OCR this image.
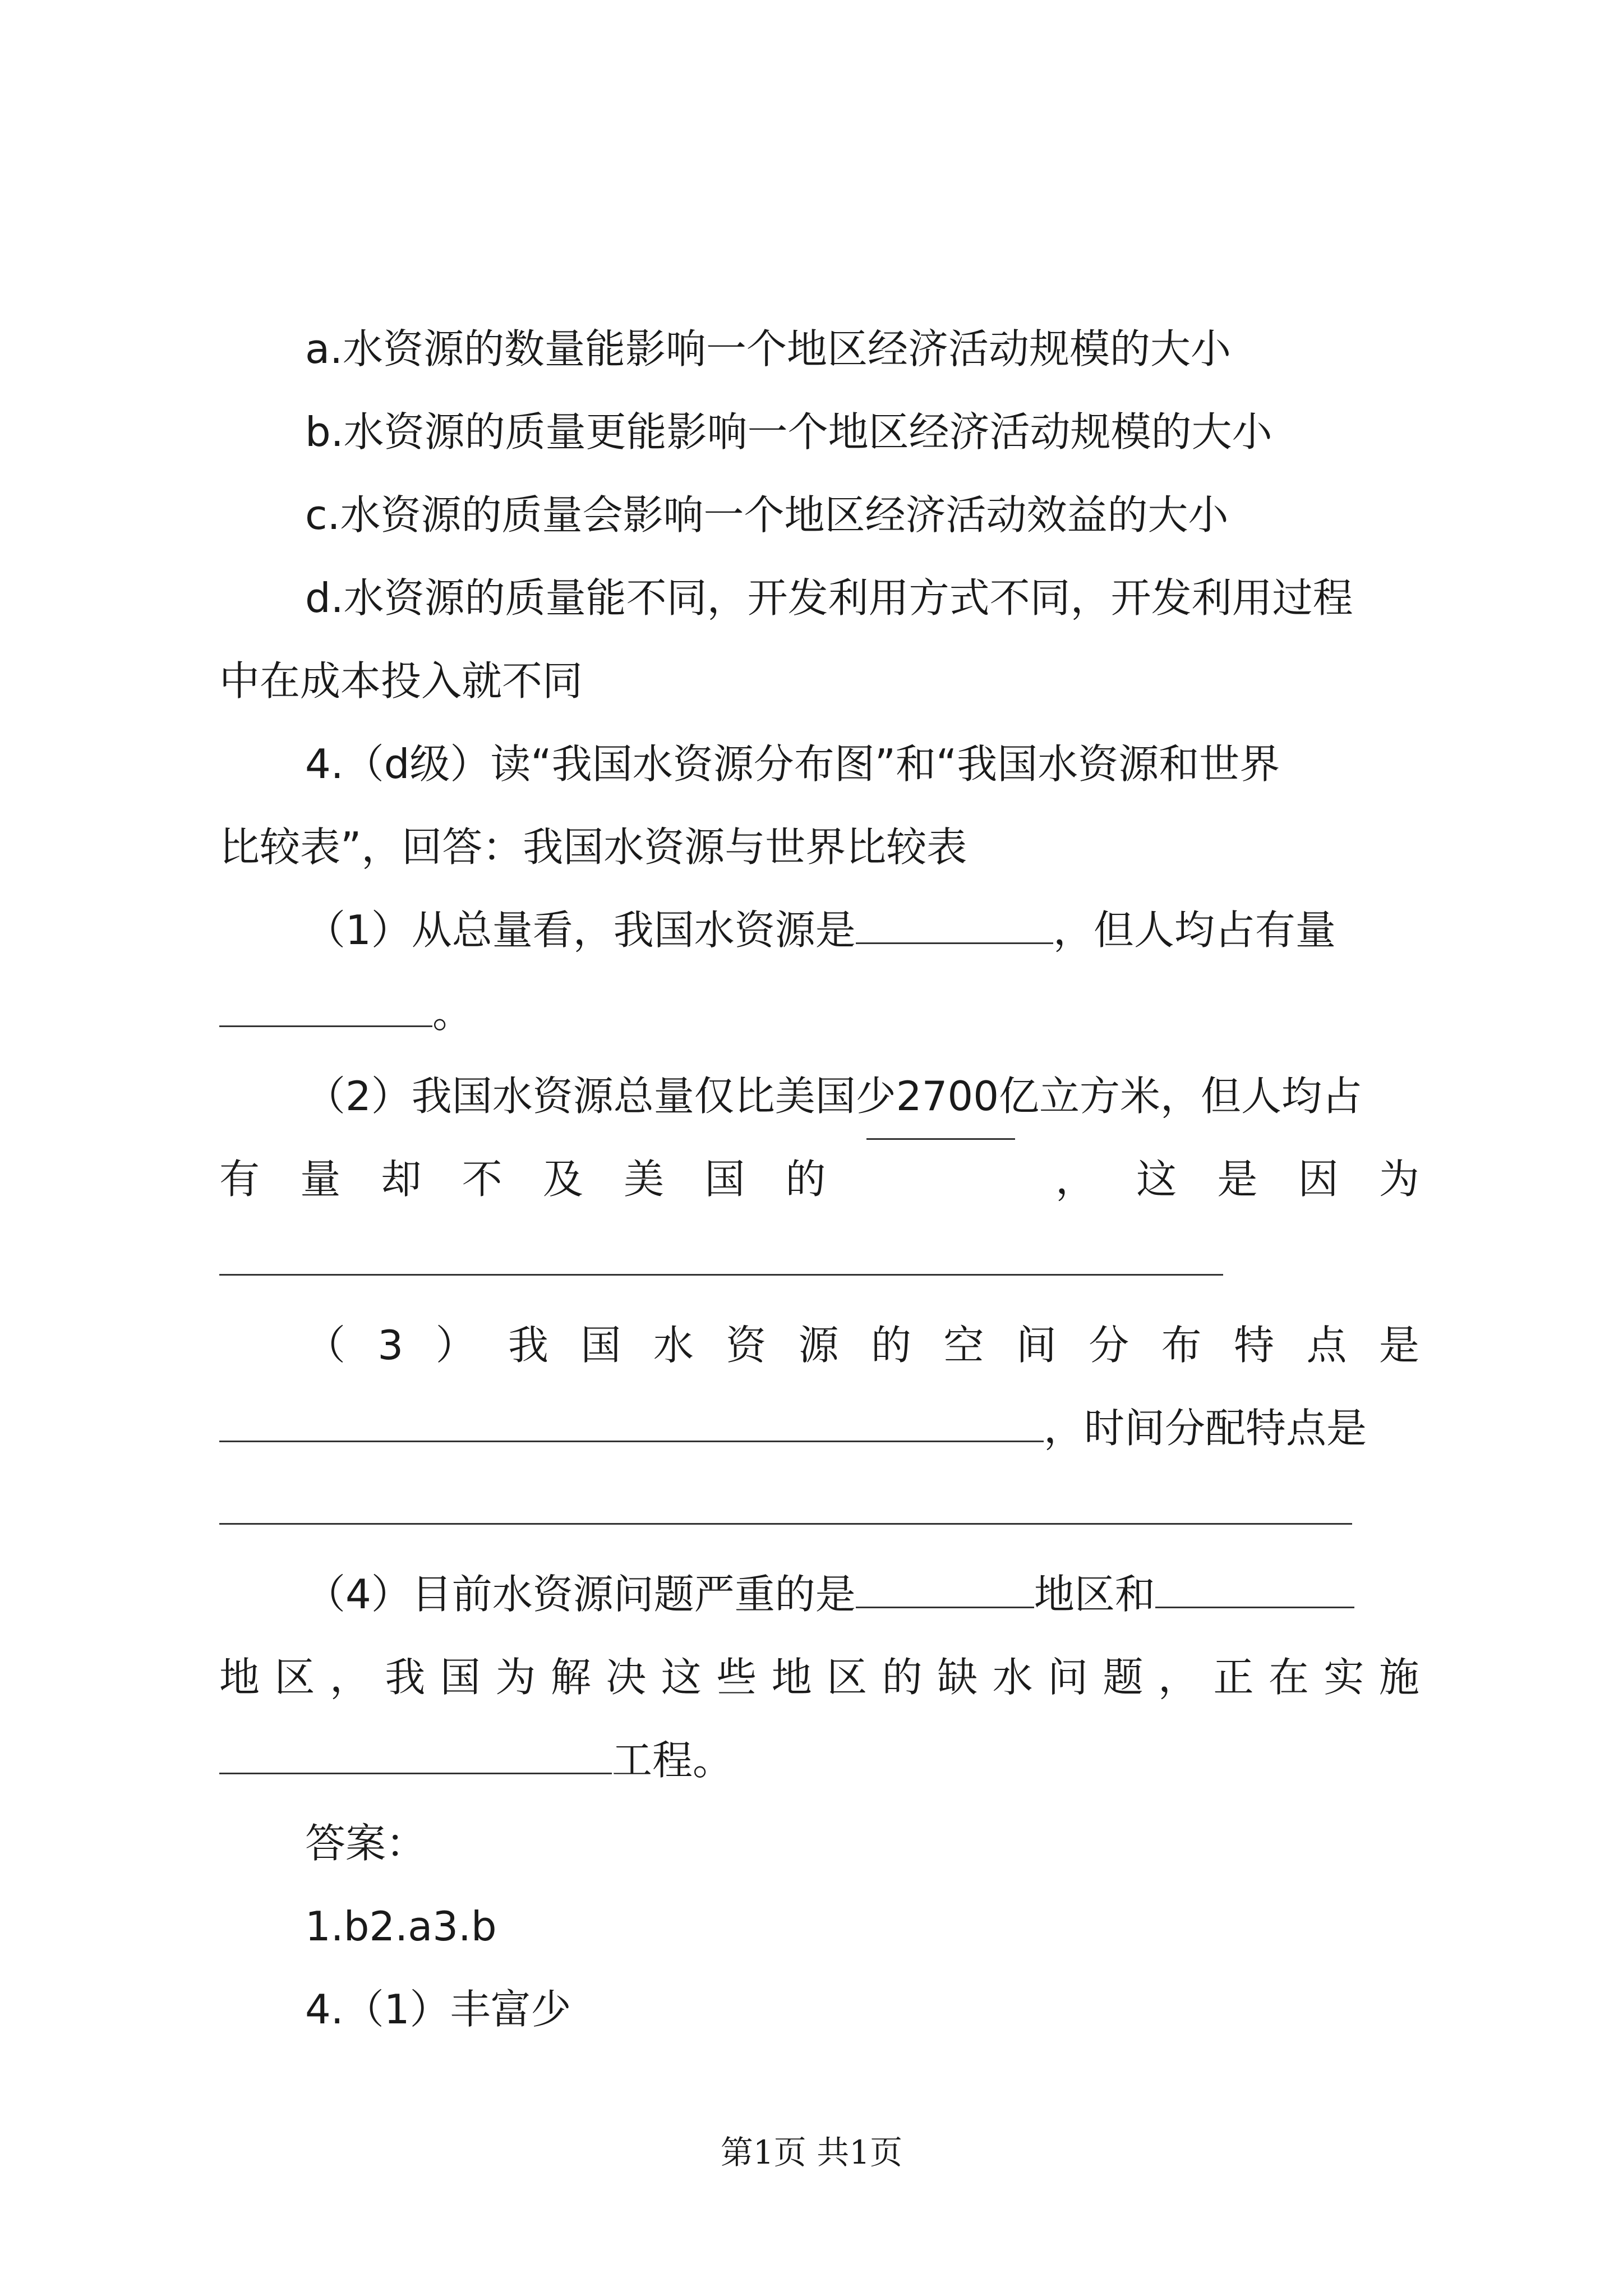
a.水资源的数量能影响一个地区经济活动规模的大小

b.水资源的质量更能影响一个地区经济活动规模的大小

c.水资源的质量会影响一个地区经济活动效益的大小

d.水资源的质量能不同，开发利用方式不同，开发利用过程

中在成本投入就不同

4.（d级）读“我国水资源分布图”和“我国水资源和世界

比较表”，回答：我国水资源与世界比较表

（1）从总量看，我国水资源是	，但人均占有量

。

（2）我国水资源总量仅比美国少2700亿立方米，但人均占

有 量 却 不 及 美 国 的	， 这 是 因 为
（ 3 ） 我 国 水 资 源 的 空 间 分 布 特 点 是

，时间分配特点是

（4）目前水资源问题严重的是	地区和

地 区 ， 我 国 为 解 决 这 些 地 区 的 缺 水 问 题 ， 正 在 实 施

工程。

答案：

1.b2.a3.b

4.（1）丰富少

第1页 共1页
